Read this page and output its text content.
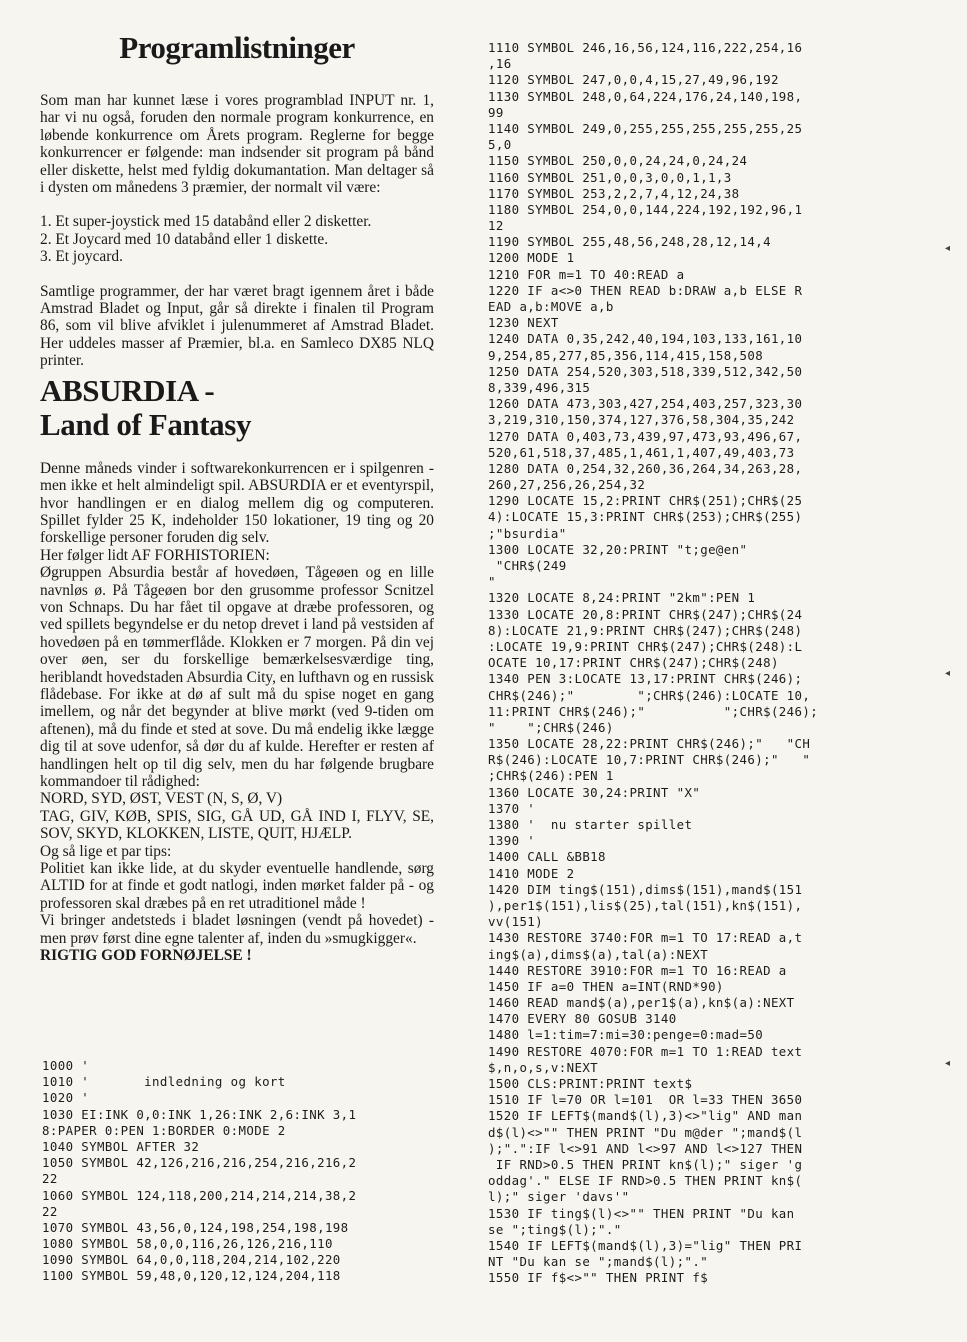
Programlistninger

Som man har kunnet læse i vores programblad INPUT nr. 1, har vi nu også, foruden den normale program konkurrence, en løbende konkurrence om Årets program. Reglerne for begge konkurrencer er følgende: man indsender sit program på bånd eller diskette, helst med fyldig dokumantation. Man deltager så i dysten om månedens 3 præmier, der normalt vil være:

1. Et super-joystick med 15 databånd eller 2 disketter.
2. Et Joycard med 10 databånd eller 1 diskette.
3. Et joycard.

Samtlige programmer, der har været bragt igennem året i både Amstrad Bladet og Input, går så direkte i finalen til Program 86, som vil blive afviklet i julenummeret af Amstrad Bladet. Her uddeles masser af Præmier, bl.a. en Samleco DX85 NLQ printer.

ABSURDIA -
Land of Fantasy

Denne måneds vinder i softwarekonkurrencen er i spilgenren - men ikke et helt almindeligt spil. ABSURDIA er et eventyrspil, hvor handlingen er en dialog mellem dig og computeren. Spillet fylder 25 K, indeholder 150 lokationer, 19 ting og 20 forskellige personer foruden dig selv.

Her følger lidt AF FORHISTORIEN:

Øgruppen Absurdia består af hovedøen, Tågeøen og en lille navnløs ø. På Tågeøen bor den grusomme professor Scnitzel von Schnaps. Du har fået til opgave at dræbe professoren, og ved spillets begyndelse er du netop drevet i land på vestsiden af hovedøen på en tømmerflåde. Klokken er 7 morgen. På din vej over øen, ser du forskellige bemærkelsesværdige ting, heriblandt hovedstaden Absurdia City, en lufthavn og en russisk flådebase. For ikke at dø af sult må du spise noget en gang imellem, og når det begynder at blive mørkt (ved 9-tiden om aftenen), må du finde et sted at sove. Du må endelig ikke lægge dig til at sove udenfor, så dør du af kulde. Herefter er resten af handlingen helt op til dig selv, men du har følgende brugbare kommandoer til rådighed:

NORD, SYD, ØST, VEST (N, S, Ø, V)

TAG, GIV, KØB, SPIS, SIG, GÅ UD, GÅ IND I, FLYV, SE, SOV, SKYD, KLOKKEN, LISTE, QUIT, HJÆLP.

Og så lige et par tips:

Politiet kan ikke lide, at du skyder eventuelle handlende, sørg ALTID for at finde et godt natlogi, inden mørket falder på - og professoren skal dræbes på en ret utraditionel måde !

Vi bringer andetsteds i bladet løsningen (vendt på hovedet) - men prøv først dine egne talenter af, inden du »smugkigger«.

RIGTIG GOD FORNØJELSE !

1000 '
1010 '       indledning og kort
1020 '
1030 EI:INK 0,0:INK 1,26:INK 2,6:INK 3,1
8:PAPER 0:PEN 1:BORDER 0:MODE 2
1040 SYMBOL AFTER 32
1050 SYMBOL 42,126,216,216,254,216,216,2
22
1060 SYMBOL 124,118,200,214,214,214,38,2
22
1070 SYMBOL 43,56,0,124,198,254,198,198
1080 SYMBOL 58,0,0,116,26,126,216,110
1090 SYMBOL 64,0,0,118,204,214,102,220
1100 SYMBOL 59,48,0,120,12,124,204,118
1110 SYMBOL 246,16,56,124,116,222,254,16
,16
1120 SYMBOL 247,0,0,4,15,27,49,96,192
1130 SYMBOL 248,0,64,224,176,24,140,198,
99
1140 SYMBOL 249,0,255,255,255,255,255,25
5,0
1150 SYMBOL 250,0,0,24,24,0,24,24
1160 SYMBOL 251,0,0,3,0,0,1,1,3
1170 SYMBOL 253,2,2,7,4,12,24,38
1180 SYMBOL 254,0,0,144,224,192,192,96,1
12
1190 SYMBOL 255,48,56,248,28,12,14,4
1200 MODE 1
1210 FOR m=1 TO 40:READ a
1220 IF a<>0 THEN READ b:DRAW a,b ELSE R
EAD a,b:MOVE a,b
1230 NEXT
1240 DATA 0,35,242,40,194,103,133,161,10
9,254,85,277,85,356,114,415,158,508
1250 DATA 254,520,303,518,339,512,342,50
8,339,496,315
1260 DATA 473,303,427,254,403,257,323,30
3,219,310,150,374,127,376,58,304,35,242
1270 DATA 0,403,73,439,97,473,93,496,67,
520,61,518,37,485,1,461,1,407,49,403,73
1280 DATA 0,254,32,260,36,264,34,263,28,
260,27,256,26,254,32
1290 LOCATE 15,2:PRINT CHR$(251);CHR$(25
4):LOCATE 15,3:PRINT CHR$(253);CHR$(255)
;"bsurdia"
1300 LOCATE 32,20:PRINT "t;ge@en"
"CHR$(249
"
1320 LOCATE 8,24:PRINT "2km":PEN 1
1330 LOCATE 20,8:PRINT CHR$(247);CHR$(24
8):LOCATE 21,9:PRINT CHR$(247);CHR$(248)
:LOCATE 19,9:PRINT CHR$(247);CHR$(248):L
OCATE 10,17:PRINT CHR$(247);CHR$(248)
1340 PEN 3:LOCATE 13,17:PRINT CHR$(246);
CHR$(246);"        ";CHR$(246):LOCATE 10,
11:PRINT CHR$(246);"          ";CHR$(246);
"    ";CHR$(246)
1350 LOCATE 28,22:PRINT CHR$(246);"   "CH
R$(246):LOCATE 10,7:PRINT CHR$(246);"   "
;CHR$(246):PEN 1
1360 LOCATE 30,24:PRINT "X"
1370 '
1380 '  nu starter spillet
1390 '
1400 CALL &BB18
1410 MODE 2
1420 DIM ting$(151),dims$(151),mand$(151
),per1$(151),lis$(25),tal(151),kn$(151),
vv(151)
1430 RESTORE 3740:FOR m=1 TO 17:READ a,t
ing$(a),dims$(a),tal(a):NEXT
1440 RESTORE 3910:FOR m=1 TO 16:READ a
1450 IF a=0 THEN a=INT(RND*90)
1460 READ mand$(a),per1$(a),kn$(a):NEXT
1470 EVERY 80 GOSUB 3140
1480 l=1:tim=7:mi=30:penge=0:mad=50
1490 RESTORE 4070:FOR m=1 TO 1:READ text
$,n,o,s,v:NEXT
1500 CLS:PRINT:PRINT text$
1510 IF l=70 OR l=101  OR l=33 THEN 3650
1520 IF LEFT$(mand$(l),3)<>"lig" AND man
d$(l)<>"" THEN PRINT "Du m@der ";mand$(l
);".":IF l<>91 AND l<>97 AND l<>127 THEN
IF RND>0.5 THEN PRINT kn$(l);" siger 'g
oddag'." ELSE IF RND>0.5 THEN PRINT kn$(
l);" siger 'davs'"
1530 IF ting$(l)<>"" THEN PRINT "Du kan
se ";ting$(l);"."
1540 IF LEFT$(mand$(l),3)="lig" THEN PRI
NT "Du kan se ";mand$(l);"."
1550 IF f$<>"" THEN PRINT f$
◂
◂
◂
